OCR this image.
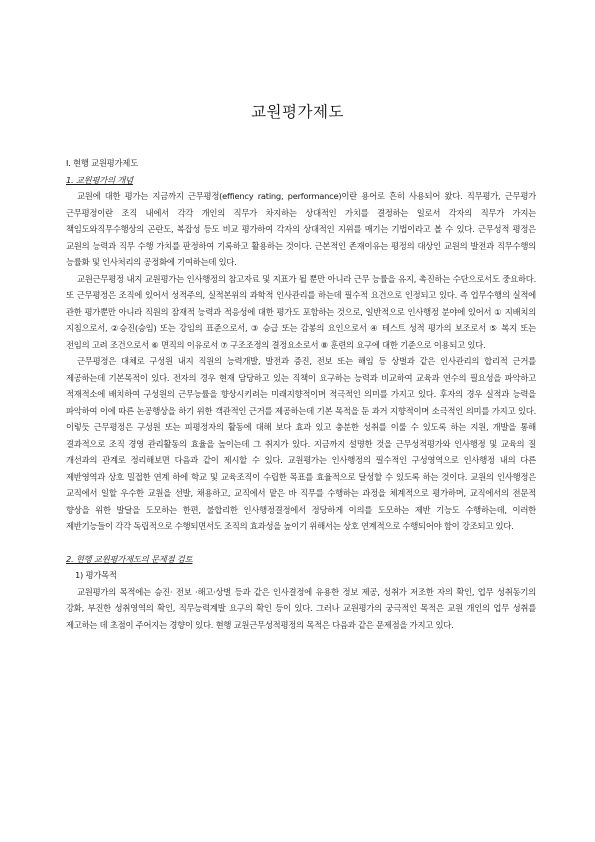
교원평가제도

Ⅰ. 현행 교원평가제도

1. 교원평가의 개념

교원에 대한 평가는 지금까지 근무평정(effiency rating, performance)이란 용어로 흔히 사용되어 왔다. 직무평가, 근무평가 근무평정이란 조직 내에서 각각 개인의 직무가 차지하는 상대적인 가치를 결정하는 일로서 각자의 직무가 가지는 책임도와직무수행상의 곤란도, 복잡성 등도 비교 평가하여 각자의 상대적인 지위를 매기는 기법이라고 볼 수 있다. 근무성적 평정은 교원의 능력과 직무 수행 가치를 판정하여 기록하고 활용하는 것이다. 근본적인 존재이유는 평정의 대상인 교원의 발전과 직무수행의 능률화 및 인사처리의 공정화에 기여하는데 있다.

교원근무평정 내지 교원평가는 인사행정의 참고자료 및 지표가 될 뿐만 아니라 근무 능률을 유지, 촉진하는 수단으로서도 중요하다. 또 근무평정은 조직에 있어서 성적주의, 실적본위의 과학적 인사관리를 하는데 필수적 요건으로 인정되고 있다. 즉 업무수행의 실적에 관한 평가뿐만 아니라 직원의 잠재적 능력과 적응성에 대한 평가도 포함하는 것으로, 일반적으로 인사행정 분야에 있어서 ① 지배치의 지침으로서, ②승진(승임) 또는 강임의 표준으로서, ③ 승급 또는 감봉의 요인으로서 ④ 테스트 성적 평가의 보조로서 ⑤ 복지 또는 전임의 고려 조건으로서 ⑥ 면직의 이유로서 ⑦ 구조조정의 결정요소로서 ⑧ 훈련의 요구에 대한 기준으로 이용되고 있다.

근무평정은 대체로 구성원 내지 직원의 능력개발, 발전과 증진, 전보 또는 해임 등 상벌과 같은 인사관리의 합리적 근거를 제공하는데 기본목적이 있다. 전자의 경우 현재 담당하고 있는 직책이 요구하는 능력과 비교하여 교육과 연수의 필요성을 파악하고 적재적소에 배치하여 구성원의 근무능률을 향상시키려는 미래지향적이며 적극적인 의미를 가지고 있다. 후자의 경우 실적과 능력을 파악하여 이에 따른 논공행상을 하기 위한 객관적인 근거를 제공하는데 기본 목적을 둔 과거 지향적이며 소극적인 의미를 가지고 있다. 이렇듯 근무평정은 구성원 또는 피평정자의 활동에 대해 보다 효과 있고 충분한 성취를 이룰 수 있도록 하는 지원, 개발을 통해 결과적으로 조직 경영 관리활동의 효율을 높이는데 그 취지가 있다. 지금까지 설명한 것을 근무성적평가와 인사행정 및 교육의 질 개선과의 관계로 정리해보면 다음과 같이 제시할 수 있다. 교원평가는 인사행정의 필수적인 구성영역으로 인사행정 내의 다른 제반영역과 상호 밀접한 연계 하에 학교 및 교육조직이 수립한 목표를 효율적으로 달성할 수 있도록 하는 것이다. 교원의 인사행정은 교직에서 일할 우수한 교원을 선발, 채용하고, 교직에서 맡은 바 직무를 수행하는 과정을 체계적으로 평가하며, 교직에서의 전문적 향상을 위한 발달을 도모하는 한편, 불합리한 인사행정결정에서 정당하게 이의를 도모하는 제반 기능도 수행하는데, 이러한 제반기능들이 각각 독립적으로 수행되면서도 조직의 효과성을 높이기 위해서는 상호 연계적으로 수행되어야 함이 강조되고 있다.

2. 현행 교원평가제도의 문제점 검토

1) 평가목적

교원평가의 목적에는 승진· 전보 ·해고·상벌 등과 같은 인사결정에 유용한 정보 제공, 성취가 저조한 자의 확인, 업무 성취동기의 강화, 부진한 성취영역의 확인, 직무능력계발 요구의 확인 등이 있다. 그러나 교원평가의 궁극적인 목적은 교원 개인의 업무 성취를 제고하는 데 초점이 주어지는 경향이 있다. 현행 교원근무성적평정의 목적은 다음과 같은 문제점을 가지고 있다.
